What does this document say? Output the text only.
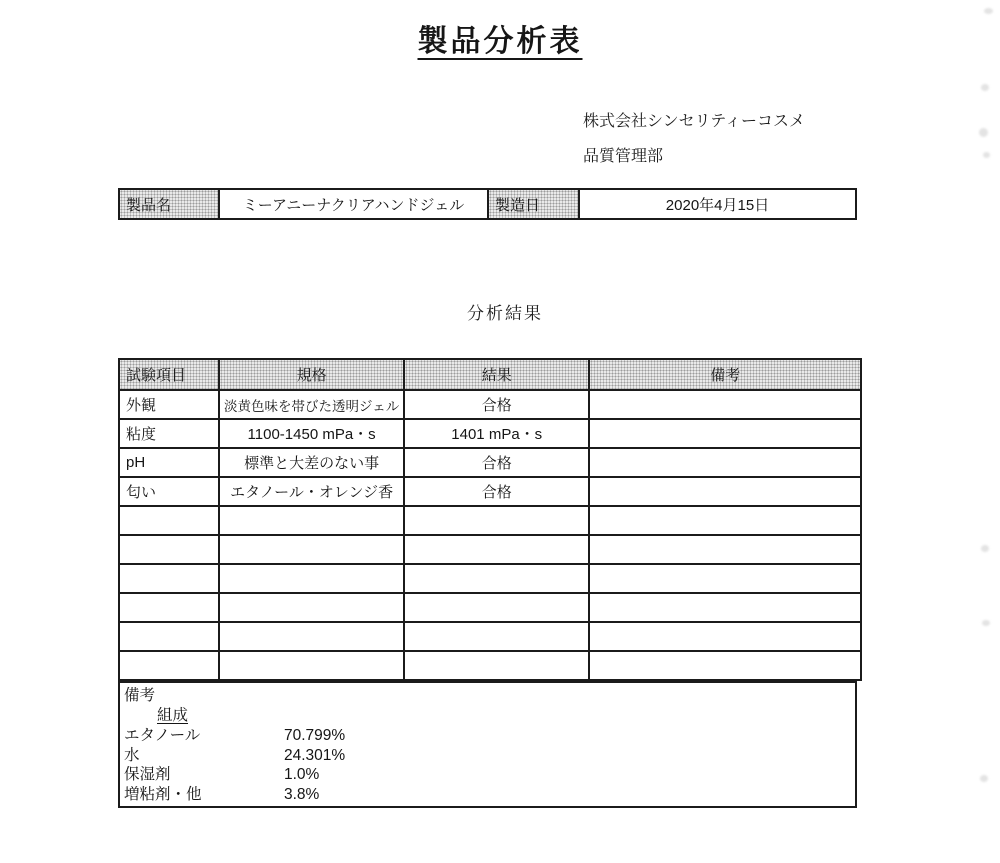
製品分析表
株式会社シンセリティーコスメ
品質管理部
製品名	ミーアニーナクリアハンドジェル	製造日	2020年4月15日
分析結果
試験項目	規格	結果	備考
外観	淡黄色味を帯びた透明ジェル	合格	
粘度	1100-1450 mPa・s	1401 mPa・s	
pH	標準と大差のない事	合格	
匂い	エタノール・オレンジ香	合格	

備考
組成
エタノール	70.799%
水	24.301%
保湿剤	1.0%
増粘剤・他	3.8%
